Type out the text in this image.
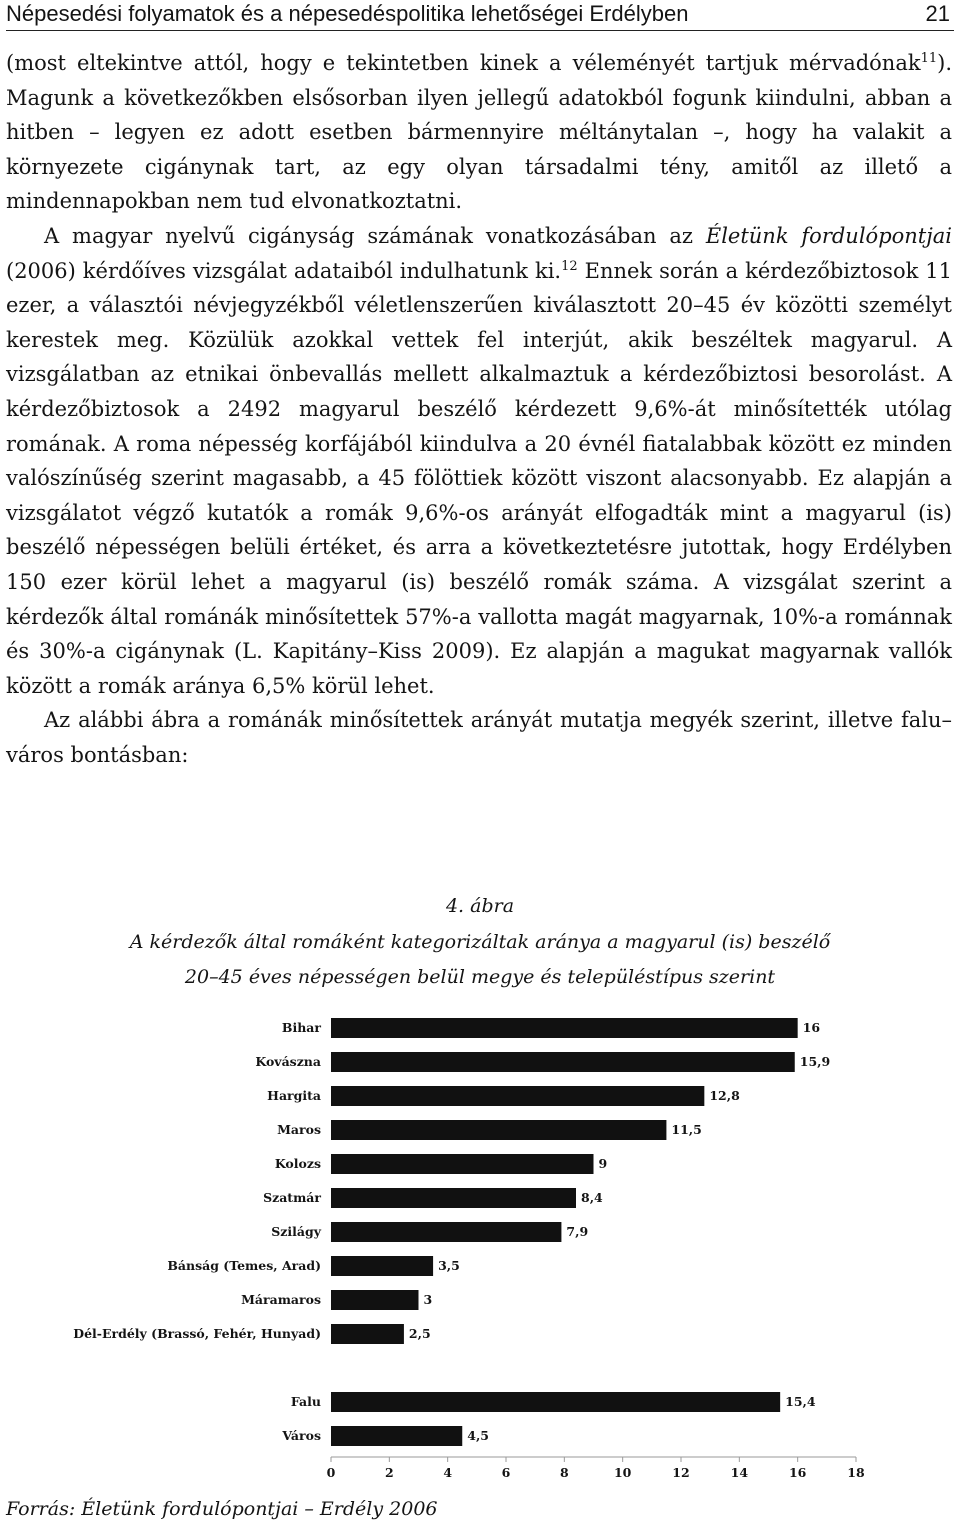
Népesedési folyamatok és a népesedéspolitika lehetőségei Erdélyben	21

(most eltekintve attól, hogy e tekintetben kinek a véleményét tartjuk mérvadónak$^{11}$). Magunk a következőkben elsősorban ilyen jellegű adatokból fogunk kiindulni, abban a hitben – legyen ez adott esetben bármennyire méltánytalan –, hogy ha valakit a környezete cigánynak tart, az egy olyan társadalmi tény, amitől az illető a mindennapokban nem tud elvonatkoztatni.

A magyar nyelvű cigányság számának vonatkozásában az Életünk fordulópontjai (2006) kérdőíves vizsgálat adataiból indulhatunk ki.$^{12}$ Ennek során a kérdezőbiztosok 11 ezer, a választói névjegyzékből véletlenszerűen kiválasztott 20–45 év közötti személyt kerestek meg. Közülük azokkal vettek fel interjút, akik beszéltek magyarul. A vizsgálatban az etnikai önbevallás mellett alkalmaztuk a kérdezőbiztosi besorolást. A kérdezőbiztosok a 2492 magyarul beszélő kérdezett 9,6%-át minősítették utólag romának. A roma népesség korfájából kiindulva a 20 évnél fiatalabbak között ez minden valószínűség szerint magasabb, a 45 fölöttiek között viszont alacsonyabb. Ez alapján a vizsgálatot végző kutatók a romák 9,6%-os arányát elfogadták mint a magyarul (is) beszélő népességen belüli értéket, és arra a következtetésre jutottak, hogy Erdélyben 150 ezer körül lehet a magyarul (is) beszélő romák száma. A vizsgálat szerint a kérdezők által románák minősítettek 57%-a vallotta magát magyarnak, 10%-a románnak és 30%-a cigánynak (L. Kapitány–Kiss 2009). Ez alapján a magukat magyarnak vallók között a romák aránya 6,5% körül lehet.

Az alábbi ábra a románák minősítettek arányát mutatja megyék szerint, illetve falu–város bontásban:

4. ábra
A kérdezők által romáként kategorizáltak aránya a magyarul (is) beszélő
20–45 éves népességen belül megye és településtípus szerint
Bihar	16
Kovászna	15,9
Hargita	12,8
Maros	11,5
Kolozs	9
Szatmár	8,4
Szilágy	7,9
Bánság (Temes, Arad)	3,5
Máramaros	3
Dél-Erdély (Brassó, Fehér, Hunyad)	2,5
Falu	15,4
Város	4,5
0	2	4	6	8	10	12	14	16	18
Forrás: Életünk fordulópontjai – Erdély 2006
